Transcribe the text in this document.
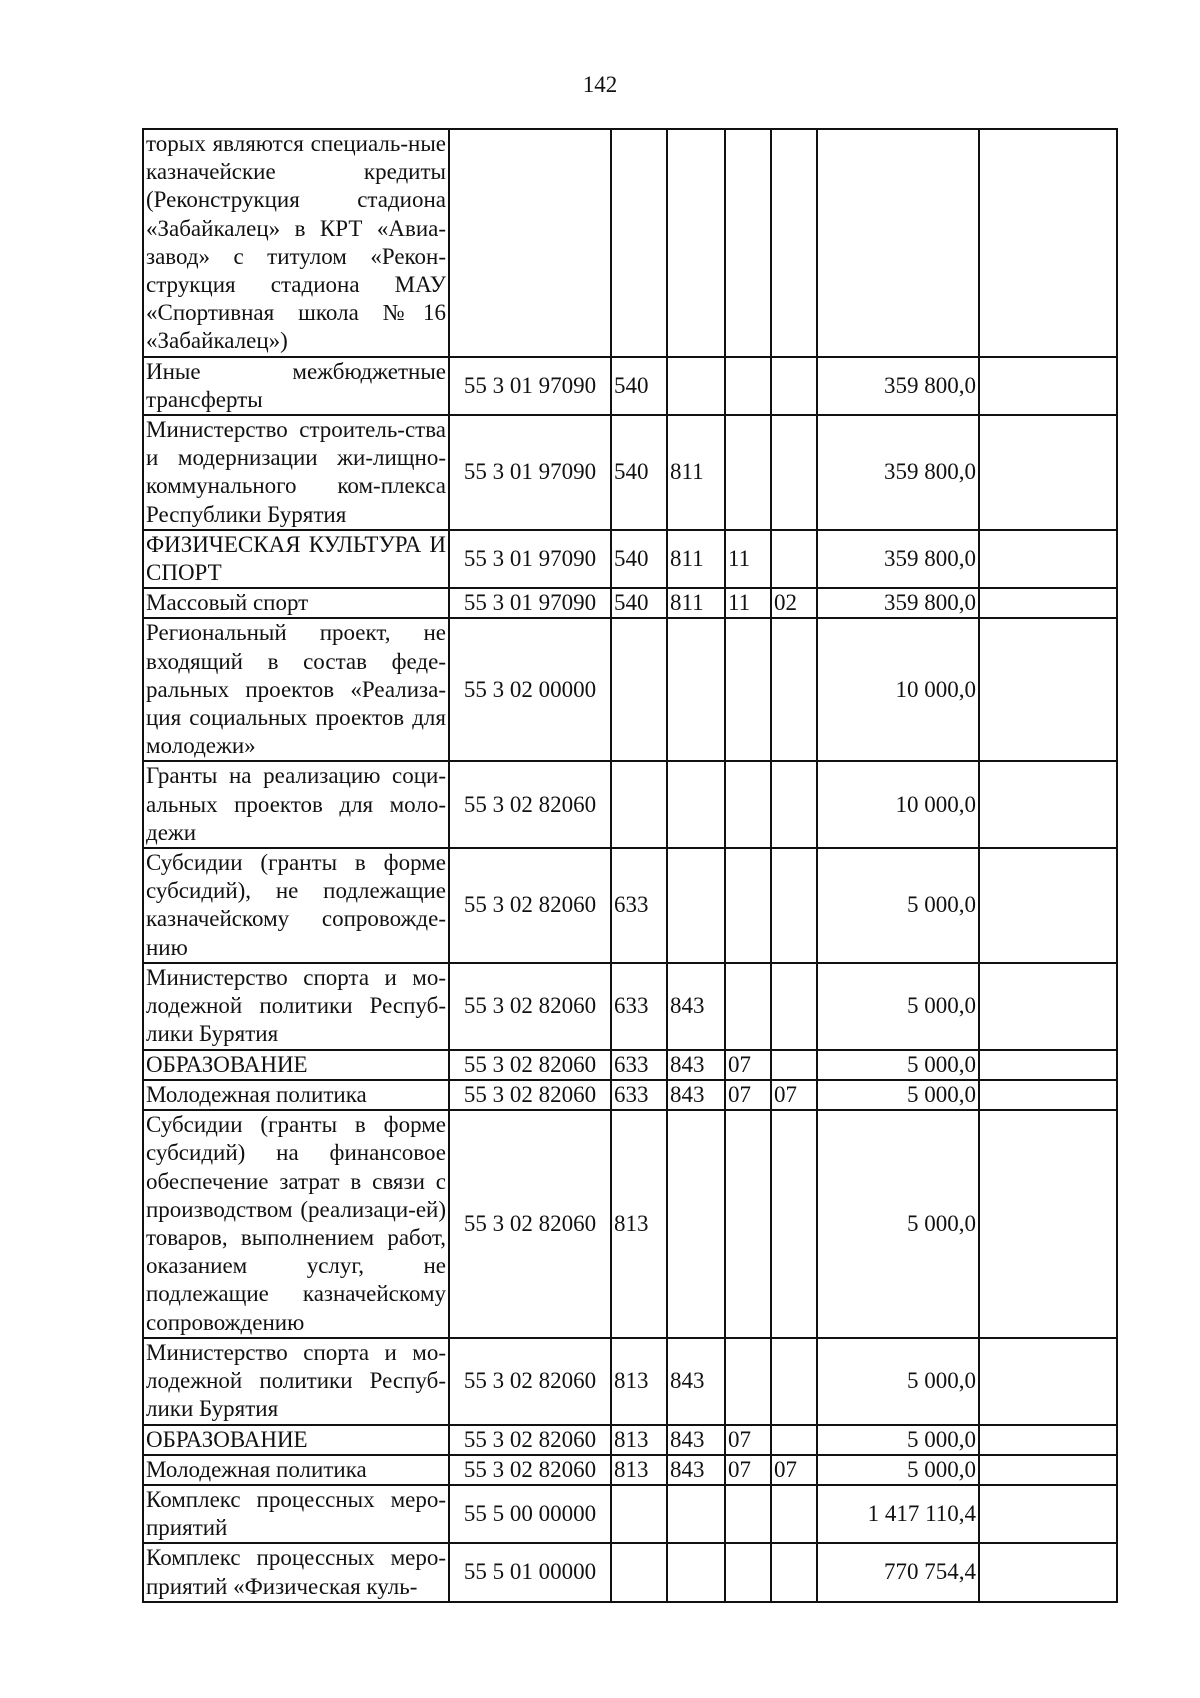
142
торых являются специаль-ные казначейские кредиты (Реконструкция стадиона «Забайкалец» в КРТ «Авиа-завод» с титулом «Рекон-струкция стадиона МАУ «Спортивная школа №16 «Забайкалец»)							
Иные межбюджетные трансферты	55 3 01 97090	540				359 800,0	
Министерство строитель-ства и модернизации жи-лищно-коммунального ком-плекса Республики Бурятия	55 3 01 97090	540	811			359 800,0	
ФИЗИЧЕСКАЯ КУЛЬТУРА И СПОРТ	55 3 01 97090	540	811	11		359 800,0	
Массовый спорт	55 3 01 97090	540	811	11	02	359 800,0	
Региональный проект, не входящий в состав феде-ральных проектов «Реализа-ция социальных проектов для молодежи»	55 3 02 00000					10 000,0	
Гранты на реализацию соци-альных проектов для моло-дежи	55 3 02 82060					10 000,0	
Субсидии (гранты в форме субсидий), не подлежащие казначейскому сопровожде-нию	55 3 02 82060	633				5 000,0	
Министерство спорта и мо-лодежной политики Респуб-лики Бурятия	55 3 02 82060	633	843			5 000,0	
ОБРАЗОВАНИЕ	55 3 02 82060	633	843	07		5 000,0	
Молодежная политика	55 3 02 82060	633	843	07	07	5 000,0	
Субсидии (гранты в форме субсидий) на финансовое обеспечение затрат в связи с производством (реализаци-ей) товаров, выполнением работ, оказанием услуг, не подлежащие казначейскому сопровождению	55 3 02 82060	813				5 000,0	
Министерство спорта и мо-лодежной политики Респуб-лики Бурятия	55 3 02 82060	813	843			5 000,0	
ОБРАЗОВАНИЕ	55 3 02 82060	813	843	07		5 000,0	
Молодежная политика	55 3 02 82060	813	843	07	07	5 000,0	
Комплекс процессных меро-приятий	55 5 00 00000					1 417 110,4	
Комплекс процессных меро-приятий «Физическая куль-	55 5 01 00000					770 754,4	
